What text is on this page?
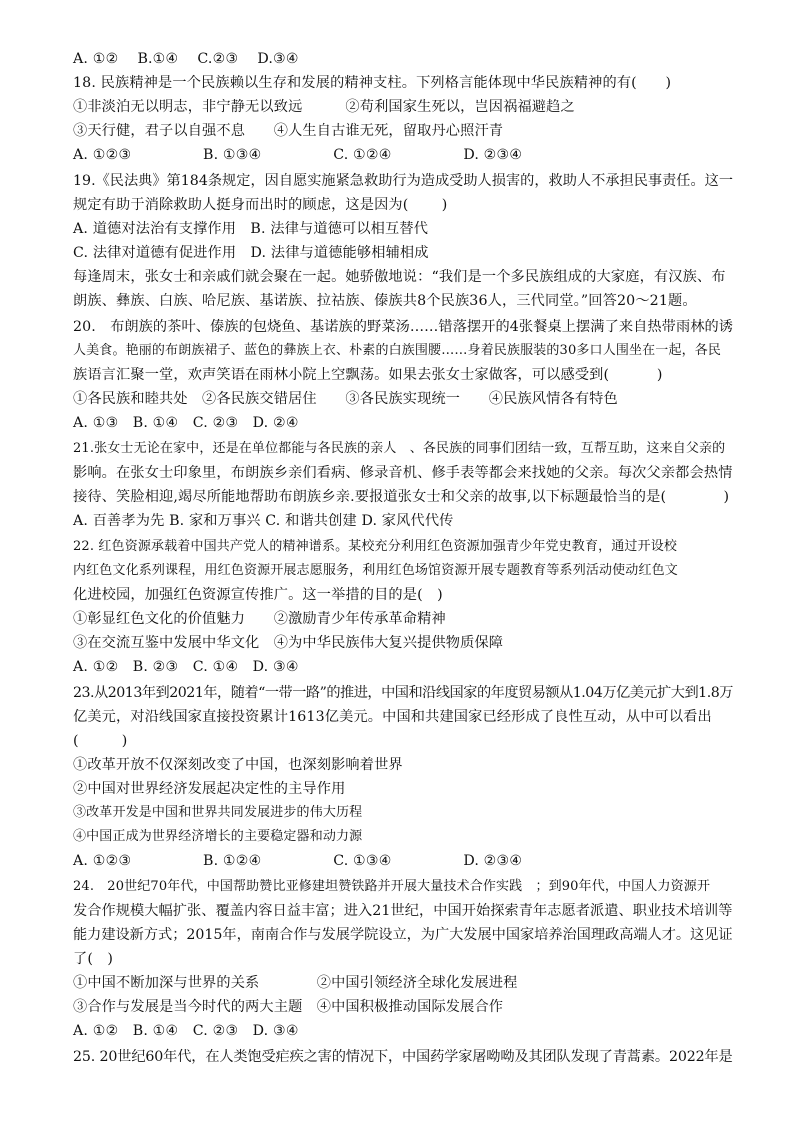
A. ①②　 B.①④　 C.②③　 D.③④
18. 民族精神是一个民族赖以生存和发展的精神支柱。下列格言能体现中华民族精神的有(　　)
①非淡泊无以明志，非宁静无以致远　　　②苟利国家生死以，岂因祸福避趋之
③天行健，君子以自强不息　　④人生自古谁无死，留取丹心照汗青
A. ①②③　　　　　B. ①③④　　　　　C. ①②④　　　　　D. ②③④
19.《民法典》第184条规定，因自愿实施紧急救助行为造成受助人损害的，救助人不承担民事责任。这一
规定有助于消除救助人挺身而出时的顾虑，这是因为(　　 )
A. 道德对法治有支撑作用　B. 法律与道德可以相互替代
C. 法律对道德有促进作用　D. 法律与道德能够相辅相成
每逢周末，张女士和亲戚们就会聚在一起。她骄傲地说：“我们是一个多民族组成的大家庭，有汉族、布
朗族、彝族、白族、哈尼族、基诺族、拉祜族、傣族共8个民族36人，三代同堂。”回答20～21题。
20.　布朗族的茶叶、傣族的包烧鱼、基诺族的野菜汤……错落摆开的4张餐桌上摆满了来自热带雨林的诱
人美食。艳丽的布朗族裙子、蓝色的彝族上衣、朴素的白族围腰……身着民族服装的30多口人围坐在一起，各民
族语言汇聚一堂，欢声笑语在雨林小院上空飘荡。如果去张女士家做客，可以感受到(　　　 )
①各民族和睦共处　②各民族交错居住　　③各民族实现统一　　④民族风情各有特色
A. ①③　B. ①④　C. ②③　D. ②④
21.张女士无论在家中，还是在单位都能与各民族的亲人　、各民族的同事们团结一致，互帮互助，这来自父亲的
影响。在张女士印象里，布朗族乡亲们看病、修录音机、修手表等都会来找她的父亲。每次父亲都会热情
接待、笑脸相迎,竭尽所能地帮助布朗族乡亲.要报道张女士和父亲的故事,以下标题最恰当的是(　　　　)
A. 百善孝为先 B. 家和万事兴 C. 和谐共创建 D. 家风代代传
22. 红色资源承载着中国共产党人的精神谱系。某校充分利用红色资源加强青少年党史教育，通过开设校
内红色文化系列课程，用红色资源开展志愿服务，利用红色场馆资源开展专题教育等系列活动使动红色文
化进校园，加强红色资源宣传推广。这一举措的目的是(　)
①彰显红色文化的价值魅力　　②激励青少年传承革命精神
③在交流互鉴中发展中华文化　④为中华民族伟大复兴提供物质保障
A. ①②　B. ②③　C. ①④　D. ③④
23.从2013年到2021年，随着“一带一路”的推进，中国和沿线国家的年度贸易额从1.04万亿美元扩大到1.8万
亿美元，对沿线国家直接投资累计1613亿美元。中国和共建国家已经形成了良性互动，从中可以看出
(　　　)
①改革开放不仅深刻改变了中国，也深刻影响着世界
②中国对世界经济发展起决定性的主导作用
③改革开发是中国和世界共同发展进步的伟大历程
④中国正成为世界经济增长的主要稳定器和动力源
A. ①②③　　　　　B. ①②④　　　　　C. ①③④　　　　　D. ②③④
24.　20世纪70年代，中国帮助赞比亚修建坦赞铁路并开展大量技术合作实践　；到90年代，中国人力资源开
发合作规模大幅扩张、覆盖内容日益丰富；进入21世纪，中国开始探索青年志愿者派遣、职业技术培训等
能力建设新方式；2015年，南南合作与发展学院设立，为广大发展中国家培养治国理政高端人才。这见证
了(　)
①中国不断加深与世界的关系　　　　②中国引领经济全球化发展进程
③合作与发展是当今时代的两大主题　④中国积极推动国际发展合作
A. ①②　B. ①④　C. ②③　D. ③④
25. 20世纪60年代，在人类饱受疟疾之害的情况下，中国药学家屠呦呦及其团队发现了青蒿素。2022年是
